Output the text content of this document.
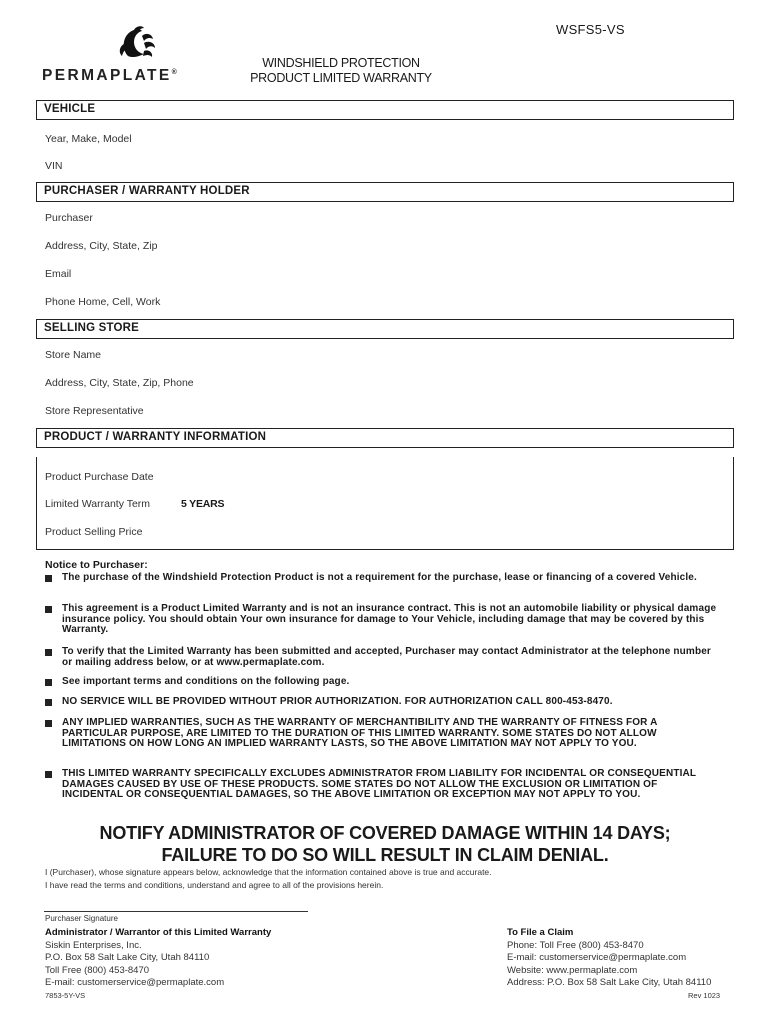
WSFS5-VS
PERMAPLATE®
WINDSHIELD PROTECTION
PRODUCT LIMITED WARRANTY
VEHICLE
Year, Make, Model
VIN
PURCHASER / WARRANTY HOLDER
Purchaser
Address, City, State, Zip
Email
Phone Home, Cell, Work
SELLING STORE
Store Name
Address, City, State, Zip, Phone
Store Representative
PRODUCT / WARRANTY INFORMATION
Product Purchase Date
Limited Warranty Term	5 YEARS
Product Selling Price
Notice to Purchaser:
The purchase of the Windshield Protection Product is not a requirement for the purchase, lease or financing of a covered Vehicle.
This agreement is a Product Limited Warranty and is not an insurance contract. This is not an automobile liability or physical damage insurance policy. You should obtain Your own insurance for damage to Your Vehicle, including damage that may be covered by this Warranty.
To verify that the Limited Warranty has been submitted and accepted, Purchaser may contact Administrator at the telephone number or mailing address below, or at www.permaplate.com.
See important terms and conditions on the following page.
NO SERVICE WILL BE PROVIDED WITHOUT PRIOR AUTHORIZATION. FOR AUTHORIZATION CALL 800-453-8470.
ANY IMPLIED WARRANTIES, SUCH AS THE WARRANTY OF MERCHANTIBILITY AND THE WARRANTY OF FITNESS FOR A PARTICULAR PURPOSE, ARE LIMITED TO THE DURATION OF THIS LIMITED WARRANTY. SOME STATES DO NOT ALLOW LIMITATIONS ON HOW LONG AN IMPLIED WARRANTY LASTS, SO THE ABOVE LIMITATION MAY NOT APPLY TO YOU.
THIS LIMITED WARRANTY SPECIFICALLY EXCLUDES ADMINISTRATOR FROM LIABILITY FOR INCIDENTAL OR CONSEQUENTIAL DAMAGES CAUSED BY USE OF THESE PRODUCTS. SOME STATES DO NOT ALLOW THE EXCLUSION OR LIMITATION OF INCIDENTAL OR CONSEQUENTIAL DAMAGES, SO THE ABOVE LIMITATION OR EXCEPTION MAY NOT APPLY TO YOU.
NOTIFY ADMINISTRATOR OF COVERED DAMAGE WITHIN 14 DAYS;
FAILURE TO DO SO WILL RESULT IN CLAIM DENIAL.
I (Purchaser), whose signature appears below, acknowledge that the information contained above is true and accurate.
I have read the terms and conditions, understand and agree to all of the provisions herein.
Purchaser Signature
Administrator / Warrantor of this Limited Warranty
Siskin Enterprises, Inc.
P.O. Box 58 Salt Lake City, Utah 84110
Toll Free (800) 453-8470
E-mail: customerservice@permaplate.com
To File a Claim
Phone: Toll Free (800) 453-8470
E-mail: customerservice@permaplate.com
Website: www.permaplate.com
Address: P.O. Box 58 Salt Lake City, Utah 84110
7853-5Y-VS	Rev 1023
